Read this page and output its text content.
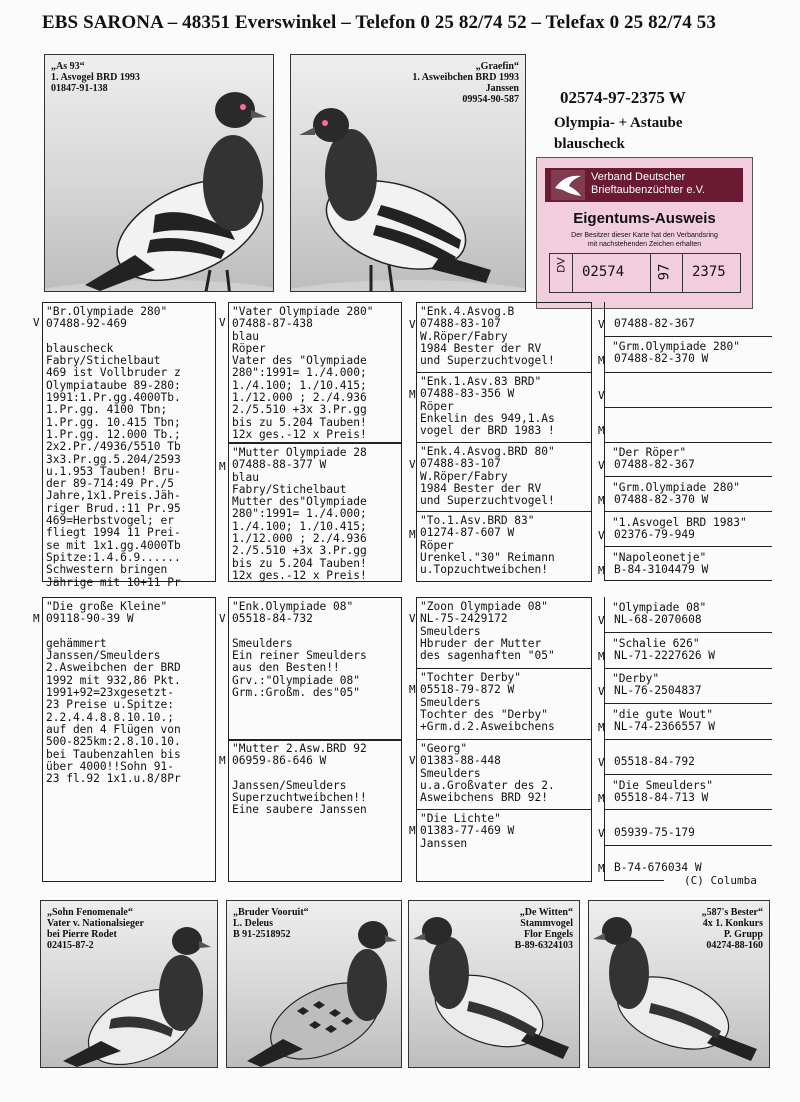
EBS SARONA – 48351 Everswinkel – Telefon 0 25 82/74 52 – Telefax 0 25 82/74 53
„As 93“
1. Asvogel BRD 1993
01847-91-138
„Graefin“
1. Asweibchen BRD 1993
Janssen
09954-90-587 02574-97-2375 W
Olympia- + Astaube
blauscheck
Verband Deutscher
Brieftaubenzüchter e.V.
Eigentums-Ausweis
Der Besitzer dieser Karte hat den Verbandsring
mit nachstehenden Zeichen erhalten
DV 02574 97 2375
V
"Br.Olympiade 280"
07488-92-469

blauscheck
Fabry/Stichelbaut
469 ist Vollbruder z
Olympiataube 89-280:
1991:1.Pr.gg.4000Tb.
1.Pr.gg. 4100 Tbn;
1.Pr.gg. 10.415 Tbn;
1.Pr.gg. 12.000 Tb.;
2x2.Pr./4936/5510 Tb
3x3.Pr.gg.5.204/2593
u.1.953 Tauben! Bru-
der 89-714:49 Pr./5
Jahre,1x1.Preis.Jäh-
riger Brud.:11 Pr.95
469=Herbstvogel; er
fliegt 1994 11 Prei-
se mit 1x1.gg.4000Tb
Spitze:1.4.6.9......
Schwestern bringen
Jährige mit 10+11 Pr
V
"Vater Olympiade 280"
07488-87-438
blau
Röper
Vater des "Olympiade
280":1991= 1./4.000;
1./4.100; 1./10.415;
1./12.000 ; 2./4.936
2./5.510 +3x 3.Pr.gg
bis zu 5.204 Tauben!
12x ges.-12 x Preis!
M
"Mutter Olympiade 28
07488-88-377 W
blau
Fabry/Stichelbaut
Mutter des"Olympiade
280":1991= 1./4.000;
1./4.100; 1./10.415;
1./12.000 ; 2./4.936
2./5.510 +3x 3.Pr.gg
bis zu 5.204 Tauben!
12x ges.-12 x Preis!
V
M
V
M
"Enk.4.Asvog.B
07488-83-107
W.Röper/Fabry
1984 Bester der RV
und Superzuchtvogel!
"Enk.1.Asv.83 BRD"
07488-83-356 W
Röper
Enkelin des 949,1.As
vogel der BRD 1983 !
"Enk.4.Asvog.BRD 80"
07488-83-107
W.Röper/Fabry
1984 Bester der RV
und Superzuchtvogel!
"To.1.Asv.BRD 83"
01274-87-607 W
Röper
Urenkel."30" Reimann
u.Topzuchtweibchen!
V
M
V
M
V
M
V
M
07488-82-367
"Grm.Olympiade 280"
07488-82-370 W
"Der Röper"
07488-82-367
"Grm.Olympiade 280"
07488-82-370 W
"1.Asvogel BRD 1983"
02376-79-949
"Napoleonetje"
B-84-3104479 W
M
"Die große Kleine"
09118-90-39 W

gehämmert
Janssen/Smeulders
2.Asweibchen der BRD
1992 mit 932,86 Pkt.
1991+92=23xgesetzt-
23 Preise u.Spitze:
2.2.4.4.8.8.10.10.;
auf den 4 Flügen von
500-825km:2.8.10.10.
bei Taubenzahlen bis
über 4000!!Sohn 91-
23 fl.92 1x1.u.8/8Pr
V
"Enk.Olympiade 08"
05518-84-732

Smeulders
Ein reiner Smeulders
aus den Besten!!
Grv.:"Olympiade 08"
Grm.:Großm. des"05"
M
"Mutter 2.Asw.BRD 92
06959-86-646 W

Janssen/Smeulders
Superzuchtweibchen!!
Eine saubere Janssen
V
M
V
M
"Zoon Olympiade 08"
NL-75-2429172
Smeulders
Hbruder der Mutter
des sagenhaften "05"
"Tochter Derby"
05518-79-872 W
Smeulders
Tochter des "Derby"
+Grm.d.2.Asweibchens
"Georg"
01383-88-448
Smeulders
u.a.Großvater des 2.
Asweibchens BRD 92!
"Die Lichte"
01383-77-469 W
Janssen
V
M
V
M
V
M
V
M
"Olympiade 08"
NL-68-2070608
"Schalie 626"
NL-71-2227626 W
"Derby"
NL-76-2504837
"die gute Wout"
NL-74-2366557 W
05518-84-792
"Die Smeulders"
05518-84-713 W
05939-75-179
B-74-676034 W
(C) Columba
„Sohn Fenomenale“
Vater v. Nationalsieger
bei Pierre Rodet
02415-87-2
„Bruder Vooruit“
L. Deleus
B 91-2518952
„De Witten“
Stammvogel
Flor Engels
B-89-6324103
„587's Bester“
4x 1. Konkurs
P. Grupp
04274-88-160
